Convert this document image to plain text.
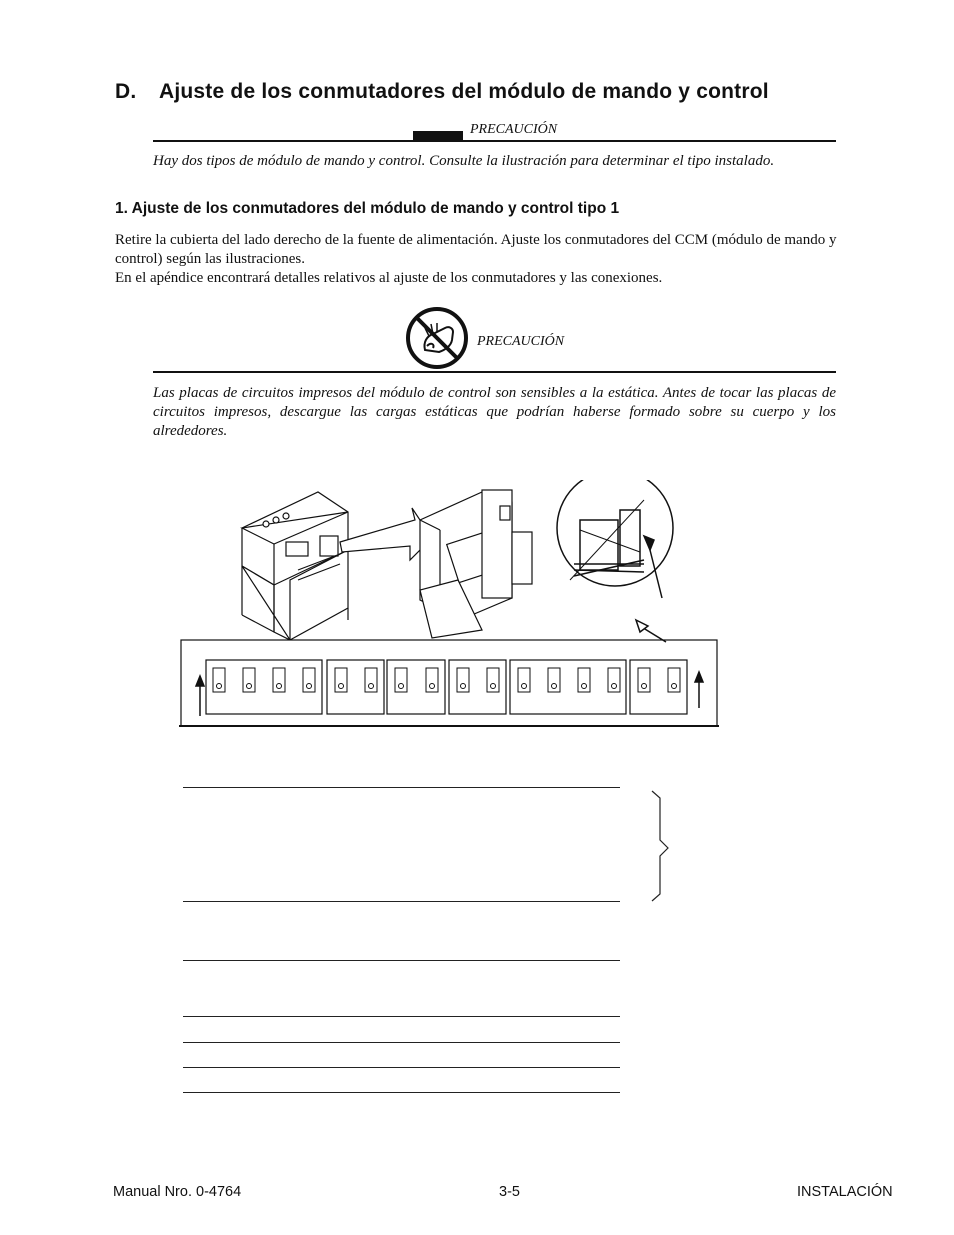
D. Ajuste de los conmutadores del módulo de mando y control
PRECAUCIÓN
Hay dos tipos de módulo de mando y control. Consulte la ilustración para determinar el tipo instalado.
1. Ajuste de los conmutadores del módulo de mando y control tipo 1
Retire la cubierta del lado derecho de la fuente de alimentación. Ajuste los conmutadores del CCM (módulo de mando y control) según las ilustraciones.
En el apéndice encontrará detalles relativos al ajuste de los conmutadores y las conexiones.
PRECAUCIÓN
Las placas de circuitos impresos del módulo de control son sensibles a la estática. Antes de tocar las placas de circuitos impresos, descargue las cargas estáticas que podrían haberse formado sobre su cuerpo y los alrededores.
Manual Nro. 0-4764	3-5	INSTALACIÓN
